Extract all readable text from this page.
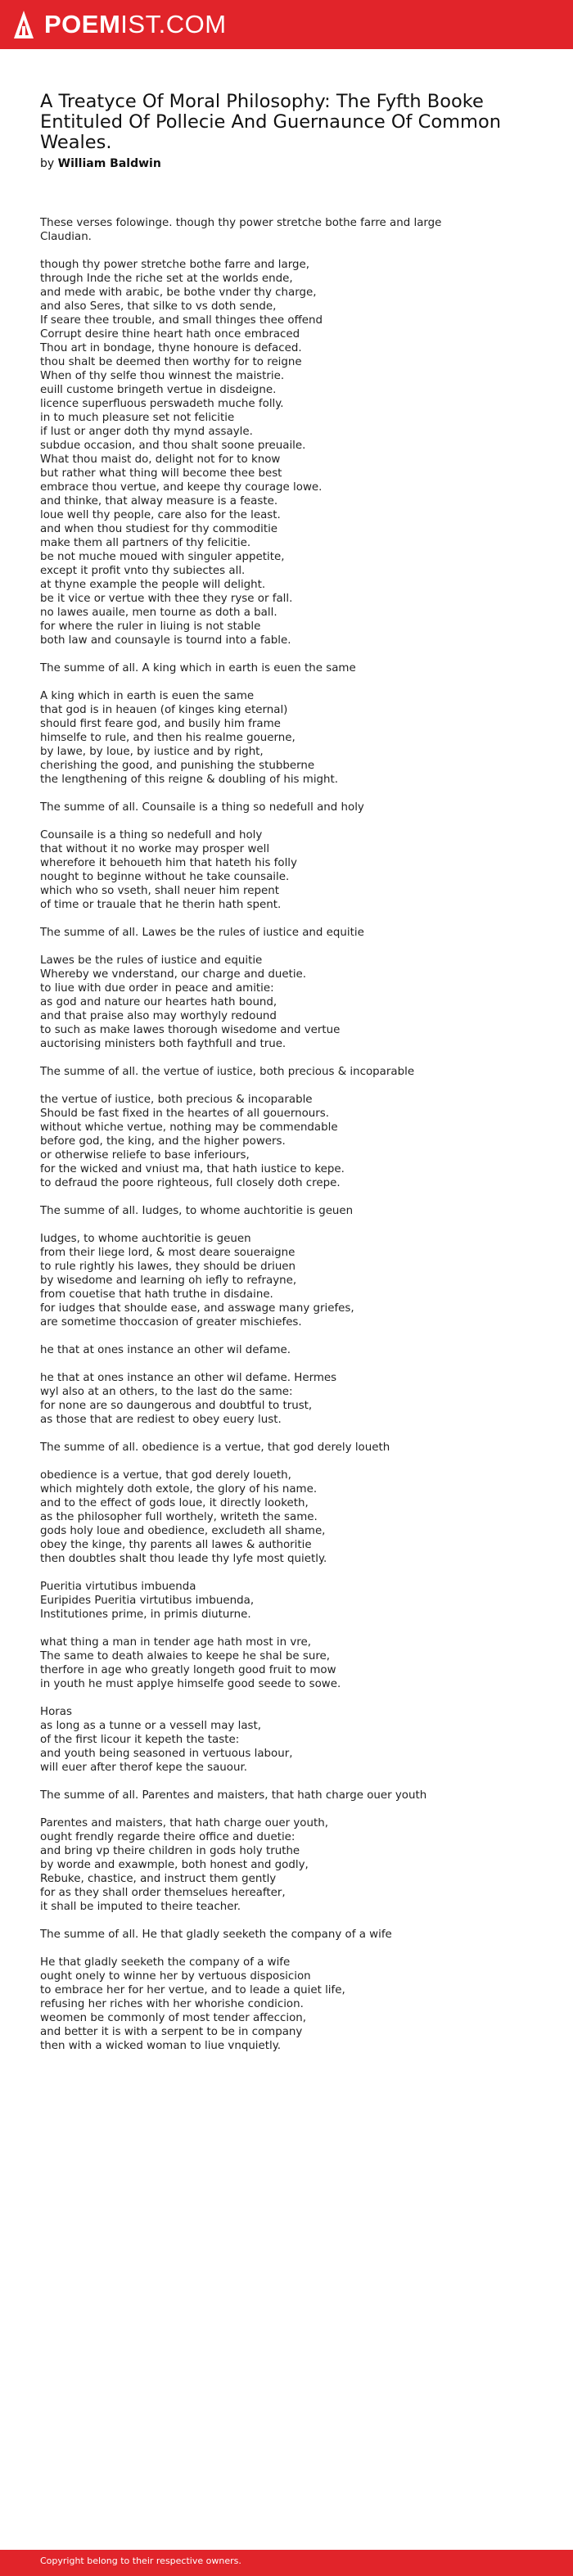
POEMIST.COM
A Treatyce Of Moral Philosophy: The Fyfth Booke Entituled Of Pollecie And Guernaunce Of Common Weales.
by William Baldwin

These verses folowinge. though thy power stretche bothe farre and large
Claudian.

though thy power stretche bothe farre and large,
through Inde the riche set at the worlds ende,
and mede with arabic, be bothe vnder thy charge,
and also Seres, that silke to vs doth sende,
If seare thee trouble, and small thinges thee offend
Corrupt desire thine heart hath once embraced
Thou art in bondage, thyne honoure is defaced.
thou shalt be deemed then worthy for to reigne
When of thy selfe thou winnest the maistrie.
euill custome bringeth vertue in disdeigne.
licence superfluous perswadeth muche folly.
in to much pleasure set not felicitie
if lust or anger doth thy mynd assayle.
subdue occasion, and thou shalt soone preuaile.
What thou maist do, delight not for to know
but rather what thing will become thee best
embrace thou vertue, and keepe thy courage lowe.
and thinke, that alway measure is a feaste.
loue well thy people, care also for the least.
and when thou studiest for thy commoditie
make them all partners of thy felicitie.
be not muche moued with singuler appetite,
except it profit vnto thy subiectes all.
at thyne example the people will delight.
be it vice or vertue with thee they ryse or fall.
no lawes auaile, men tourne as doth a ball.
for where the ruler in liuing is not stable
both law and counsayle is tournd into a fable.

The summe of all. A king which in earth is euen the same

A king which in earth is euen the same
that god is in heauen (of kinges king eternal)
should first feare god, and busily him frame
himselfe to rule, and then his realme gouerne,
by lawe, by loue, by iustice and by right,
cherishing the good, and punishing the stubberne
the lengthening of this reigne & doubling of his might.

The summe of all. Counsaile is a thing so nedefull and holy

Counsaile is a thing so nedefull and holy
that without it no worke may prosper well
wherefore it behoueth him that hateth his folly
nought to beginne without he take counsaile.
which who so vseth, shall neuer him repent
of time or trauale that he therin hath spent.

The summe of all. Lawes be the rules of iustice and equitie

Lawes be the rules of iustice and equitie
Whereby we vnderstand, our charge and duetie.
to liue with due order in peace and amitie:
as god and nature our heartes hath bound,
and that praise also may worthyly redound
to such as make lawes thorough wisedome and vertue
auctorising ministers both faythfull and true.

The summe of all. the vertue of iustice, both precious & incoparable

the vertue of iustice, both precious & incoparable
Should be fast fixed in the heartes of all gouernours.
without whiche vertue, nothing may be commendable
before god, the king, and the higher powers.
or otherwise reliefe to base inferiours,
for the wicked and vniust ma, that hath iustice to kepe.
to defraud the poore righteous, full closely doth crepe.

The summe of all. Iudges, to whome auchtoritie is geuen

Iudges, to whome auchtoritie is geuen
from their liege lord, & most deare soueraigne
to rule rightly his lawes, they should be driuen
by wisedome and learning oh iefly to refrayne,
from couetise that hath truthe in disdaine.
for iudges that shoulde ease, and asswage many griefes,
are sometime thoccasion of greater mischiefes.

he that at ones instance an other wil defame.

he that at ones instance an other wil defame. Hermes
wyl also at an others, to the last do the same:
for none are so daungerous and doubtful to trust,
as those that are rediest to obey euery lust.

The summe of all. obedience is a vertue, that god derely loueth

obedience is a vertue, that god derely loueth,
which mightely doth extole, the glory of his name.
and to the effect of gods loue, it directly looketh,
as the philosopher full worthely, writeth the same.
gods holy loue and obedience, excludeth all shame,
obey the kinge, thy parents all lawes & authoritie
then doubtles shalt thou leade thy lyfe most quietly.

Pueritia virtutibus imbuenda
Euripides Pueritia virtutibus imbuenda,
Institutiones prime, in primis diuturne.

what thing a man in tender age hath most in vre,
The same to death alwaies to keepe he shal be sure,
therfore in age who greatly longeth good fruit to mow
in youth he must applye himselfe good seede to sowe.

Horas
as long as a tunne or a vessell may last,
of the first licour it kepeth the taste:
and youth being seasoned in vertuous labour,
will euer after therof kepe the sauour.

The summe of all. Parentes and maisters, that hath charge ouer youth

Parentes and maisters, that hath charge ouer youth,
ought frendly regarde theire office and duetie:
and bring vp theire children in gods holy truthe
by worde and exawmple, both honest and godly,
Rebuke, chastice, and instruct them gently
for as they shall order themselues hereafter,
it shall be imputed to theire teacher.

The summe of all. He that gladly seeketh the company of a wife

He that gladly seeketh the company of a wife
ought onely to winne her by vertuous disposicion
to embrace her for her vertue, and to leade a quiet life,
refusing her riches with her whorishe condicion.
weomen be commonly of most tender affeccion,
and better it is with a serpent to be in company
then with a wicked woman to liue vnquietly.

Copyright belong to their respective owners.
